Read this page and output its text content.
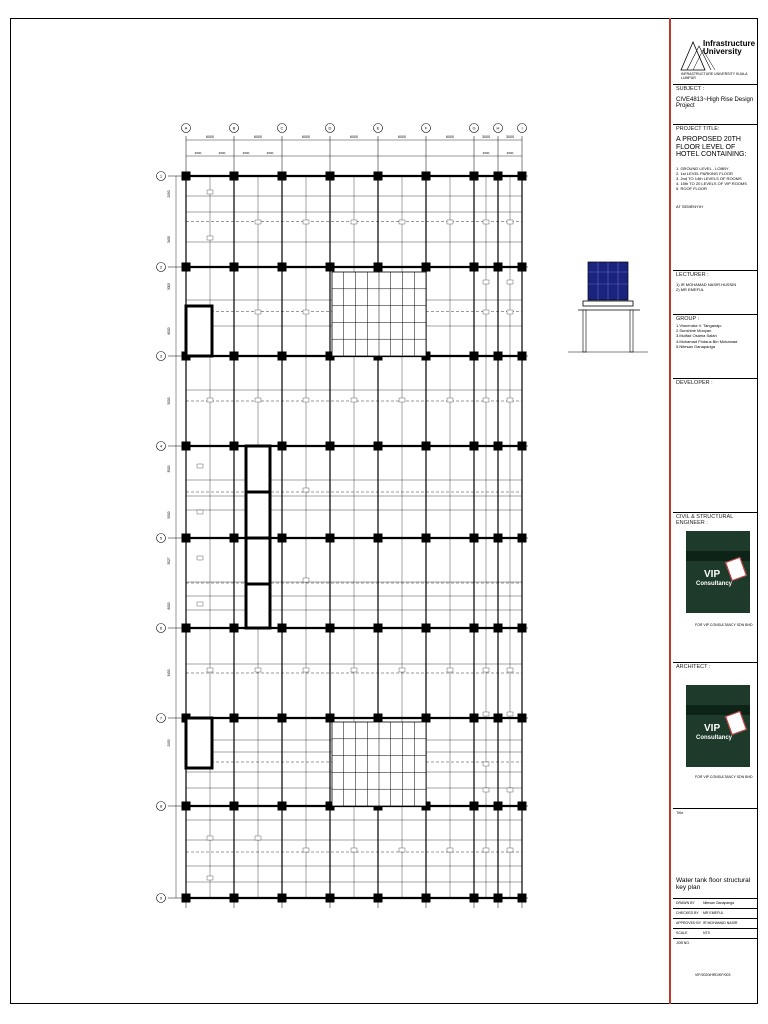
A	B	C	D	E	F	G	H	I
1
2
3
4
5
6
7
8
9
6000	6000	6000	6000	6000	6000	3000	3000
3000	3000	3000	3000	3000	3000
2950
3450
3005
6000
5000
3000
5000
3027
6000
3450
2950
Infrastructure
University
INFRASTRUCTURE UNIVERSITY KUALA LUMPUR
SUBJECT :
CIVE4813~High Rise Design Project
PROJECT TITLE:
A PROPOSED 20TH FLOOR LEVEL OF HOTEL CONTAINING:
1. GROUND LEVEL - LOBBY
2. 1st LEVEL PARKING FLOOR
3. 2nd TO 14th LEVELS OF ROOMS
4. 15th TO 20 LEVELS OF VIP ROOMS
5. ROOF FLOOR
AT SEMENYIH
LECTURER :
1) IR MOHAMAD NASIR HUSSIN
2) MR EMEFUL
GROUP :
1.Vinnendra V. Tanganajo
2.Sunshine Munyan
3.Mulfad Osama Salah
4.Mohamad Firdaus Bin Mohamad
5.Nitesan Ganapariga
DEVELOPER :
CIVIL & STRUCTURAL ENGINEER :
VIP
Consultancy
FOR VIP CONSULTANCY SDN BHD
ARCHITECT :
VIP
Consultancy
FOR VIP CONSULTANCY SDN BHD
Title
Water tank floor structural key plan
DRAWN BY Nitesan Ganapariga
CHECKED BY MR EMEFUL
APPROVED BY IR MOHAMAD NASIR
SCALE	NTS
JOB NO.
VIP/2020/HRD/KP/003
